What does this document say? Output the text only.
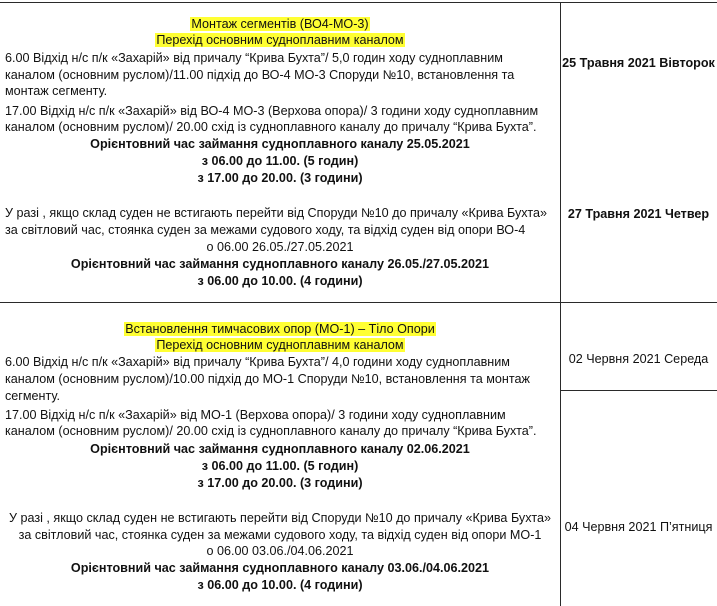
Монтаж сегментів (ВО4-МО-3)
Перехід основним судноплавним каналом
6.00 Відхід н/с п/к «Захарій» від причалу “Крива Бухта”/ 5,0 годин ходу судноплавним
каналом (основним руслом)/11.00 підхід до ВО-4 МО-3 Споруди №10, встановлення та
монтаж сегменту.
17.00 Відхід н/с п/к «Захарій» від ВО-4 МО-3 (Верхова опора)/ 3 години ходу судноплавним
каналом (основним руслом)/ 20.00 схід із судноплавного каналу до причалу “Крива Бухта”.
Орієнтовний час займання судноплавного каналу 25.05.2021
з 06.00 до 11.00. (5 годин)
з 17.00 до 20.00. (3 години)
25 Травня 2021 Вівторок
У разі , якщо склад суден не встигають перейти від Споруди №10 до причалу «Крива Бухта»
за світловий час, стоянка суден за межами судового ходу, та відхід суден від опори ВО-4
о 06.00 26.05./27.05.2021
Орієнтовний час займання судноплавного каналу 26.05./27.05.2021
з 06.00 до 10.00. (4 години)
27 Травня 2021 Четвер
Встановлення тимчасових опор (МО-1) – Тіло Опори
Перехід основним судноплавним каналом
6.00 Відхід н/с п/к «Захарій» від причалу “Крива Бухта”/ 4,0 години ходу судноплавним
каналом (основним руслом)/10.00 підхід до МО-1 Споруди №10, встановлення та монтаж
сегменту.
17.00 Відхід н/с п/к «Захарій» від МО-1 (Верхова опора)/ 3 години ходу судноплавним
каналом (основним руслом)/ 20.00 схід із судноплавного каналу до причалу “Крива Бухта”.
Орієнтовний час займання судноплавного каналу 02.06.2021
з 06.00 до 11.00. (5 годин)
з 17.00 до 20.00. (3 години)
02 Червня 2021 Середа
У разі , якщо склад суден не встигають перейти від Споруди №10 до причалу «Крива Бухта»
за світловий час, стоянка суден за межами судового ходу, та відхід суден від опори МО-1
о 06.00 03.06./04.06.2021
Орієнтовний час займання судноплавного каналу 03.06./04.06.2021
з 06.00 до 10.00. (4 години)
04 Червня 2021 П’ятниця
